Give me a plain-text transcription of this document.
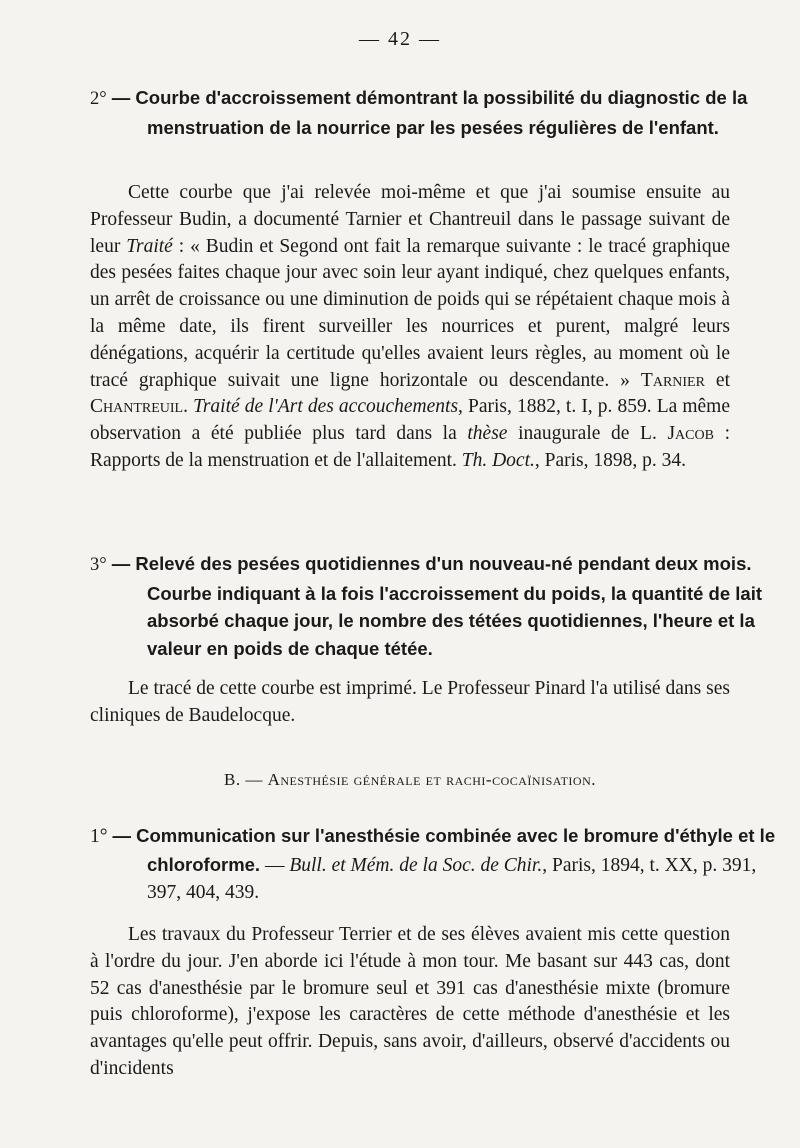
— 42 —
2° — Courbe d'accroissement démontrant la possibilité du diagnostic de la menstruation de la nourrice par les pesées régulières de l'enfant.

Cette courbe que j'ai relevée moi-même et que j'ai soumise ensuite au Professeur Budin, a documenté Tarnier et Chantreuil dans le passage suivant de leur Traité : « Budin et Segond ont fait la remarque suivante : le tracé graphique des pesées faites chaque jour avec soin leur ayant indiqué, chez quelques enfants, un arrêt de croissance ou une diminution de poids qui se répétaient chaque mois à la même date, ils firent surveiller les nourrices et purent, malgré leurs dénégations, acquérir la certitude qu'elles avaient leurs règles, au moment où le tracé graphique suivait une ligne horizontale ou descendante. » Tarnier et Chantreuil. Traité de l'Art des accouchements, Paris, 1882, t. I, p. 859. La même observation a été publiée plus tard dans la thèse inaugurale de L. Jacob : Rapports de la menstruation et de l'allaitement. Th. Doct., Paris, 1898, p. 34.

3° — Relevé des pesées quotidiennes d'un nouveau-né pendant deux mois. Courbe indiquant à la fois l'accroissement du poids, la quantité de lait absorbé chaque jour, le nombre des tétées quotidiennes, l'heure et la valeur en poids de chaque tétée.

Le tracé de cette courbe est imprimé. Le Professeur Pinard l'a utilisé dans ses cliniques de Baudelocque.

B. — Anesthésie générale et rachi-cocaïnisation.
1° — Communication sur l'anesthésie combinée avec le bromure d'éthyle et le chloroforme. — Bull. et Mém. de la Soc. de Chir., Paris, 1894, t. XX, p. 391, 397, 404, 439.

Les travaux du Professeur Terrier et de ses élèves avaient mis cette question à l'ordre du jour. J'en aborde ici l'étude à mon tour. Me basant sur 443 cas, dont 52 cas d'anesthésie par le bromure seul et 391 cas d'anesthésie mixte (bromure puis chloroforme), j'expose les caractères de cette méthode d'anesthésie et les avantages qu'elle peut offrir. Depuis, sans avoir, d'ailleurs, observé d'accidents ou d'incidents
